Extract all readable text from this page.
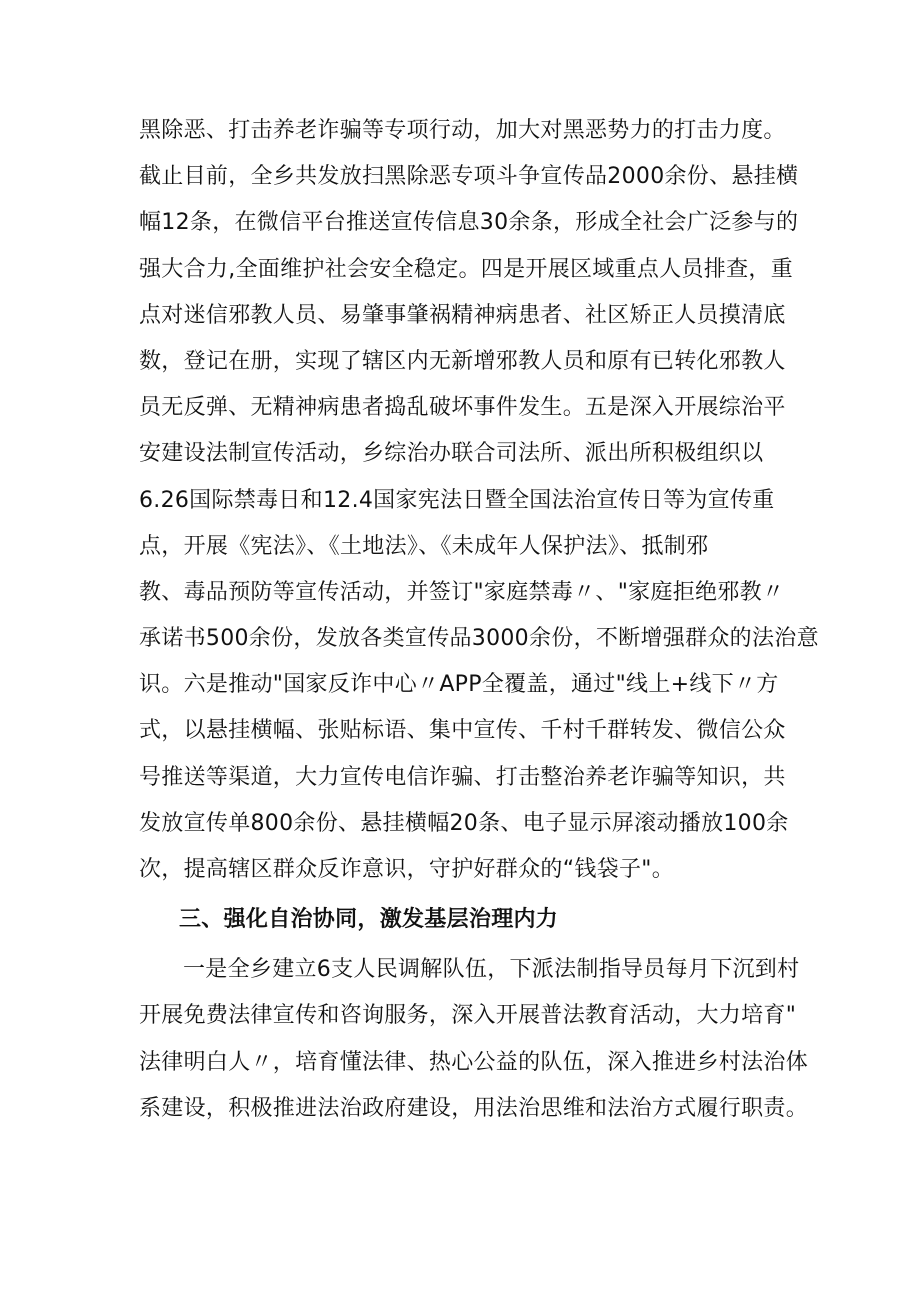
黑除恶、打击养老诈骗等专项行动，加大对黑恶势力的打击力度。
截止目前，全乡共发放扫黑除恶专项斗争宣传品2000余份、悬挂横
幅12条，在微信平台推送宣传信息30余条，形成全社会广泛参与的
强大合力,全面维护社会安全稳定。四是开展区域重点人员排查，重
点对迷信邪教人员、易肇事肇祸精神病患者、社区矫正人员摸清底
数，登记在册，实现了辖区内无新增邪教人员和原有已转化邪教人
员无反弹、无精神病患者捣乱破坏事件发生。五是深入开展综治平
安建设法制宣传活动，乡综治办联合司法所、派出所积极组织以
6.26国际禁毒日和12.4国家宪法日暨全国法治宣传日等为宣传重
点，开展《宪法》、《土地法》、《未成年人保护法》、抵制邪
教、毒品预防等宣传活动，并签订"家庭禁毒〃、"家庭拒绝邪教〃
承诺书500余份，发放各类宣传品3000余份，不断增强群众的法治意
识。六是推动"国家反诈中心〃APP全覆盖，通过"线上+线下〃方
式，以悬挂横幅、张贴标语、集中宣传、千村千群转发、微信公众
号推送等渠道，大力宣传电信诈骗、打击整治养老诈骗等知识，共
发放宣传单800余份、悬挂横幅20条、电子显示屏滚动播放100余
次，提高辖区群众反诈意识，守护好群众的“钱袋子"。
三、强化自治协同，激发基层治理内力
一是全乡建立6支人民调解队伍，下派法制指导员每月下沉到村
开展免费法律宣传和咨询服务，深入开展普法教育活动，大力培育"
法律明白人〃，培育懂法律、热心公益的队伍，深入推进乡村法治体
系建设，积极推进法治政府建设，用法治思维和法治方式履行职责。
